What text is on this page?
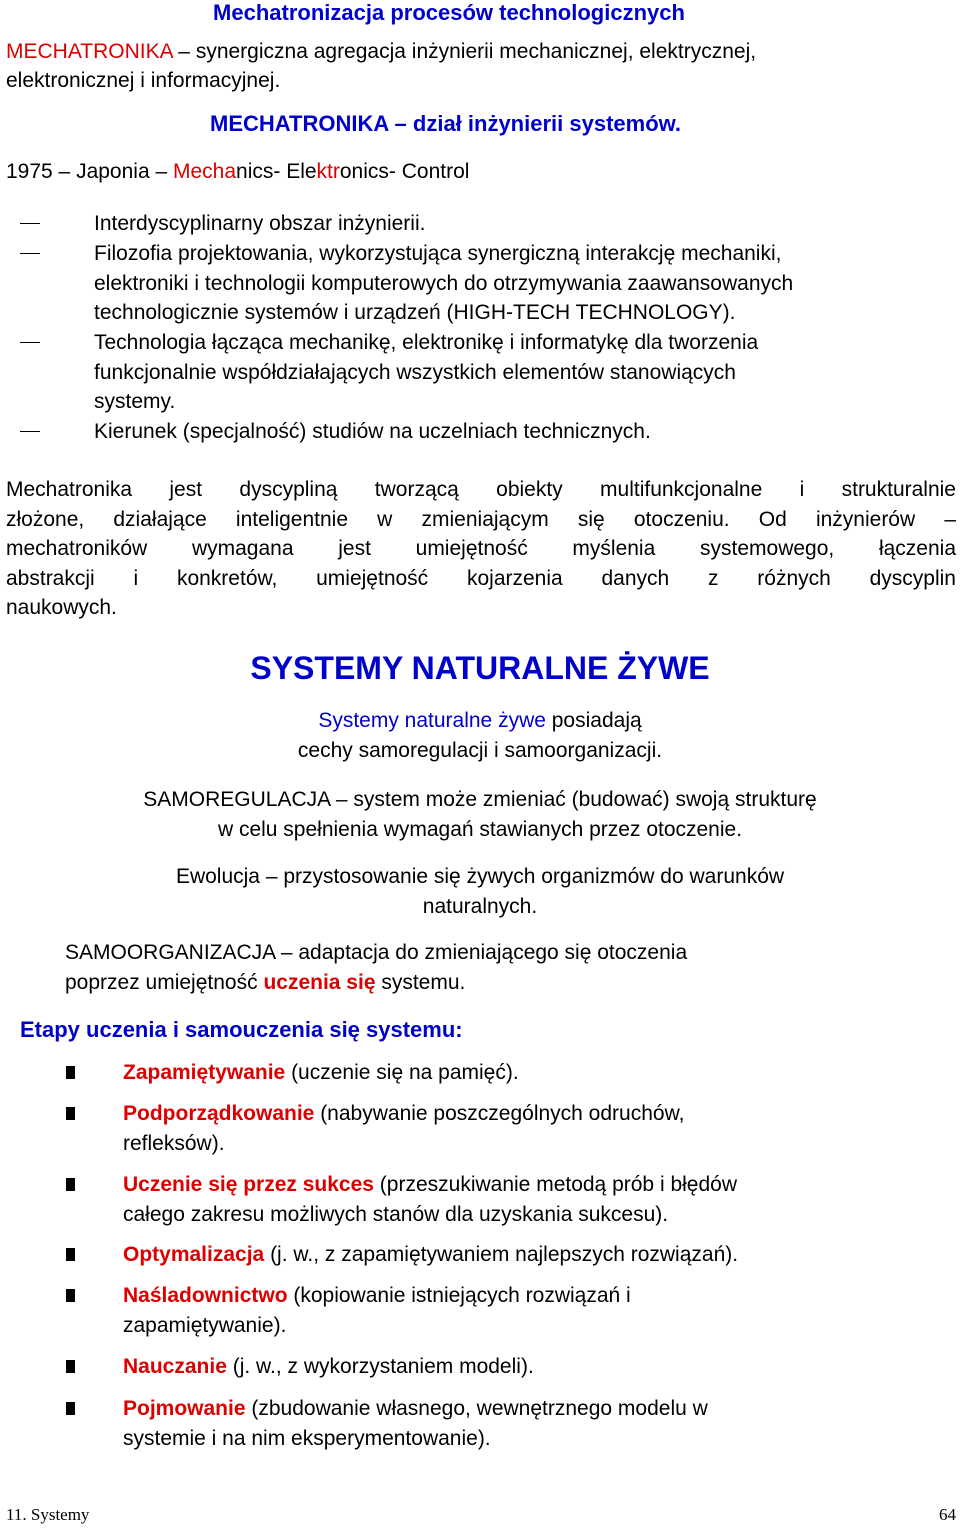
Mechatronizacja procesów technologicznych
MECHATRONIKA – synergiczna agregacja inżynierii mechanicznej, elektrycznej,
elektronicznej i informacyjnej.
MECHATRONIKA – dział inżynierii systemów.
1975 – Japonia – Mechanics- Elektronics- Control
Interdyscyplinarny obszar inżynierii.
Filozofia projektowania, wykorzystująca synergiczną interakcję mechaniki,
elektroniki i technologii komputerowych do otrzymywania zaawansowanych
technologicznie systemów i urządzeń (HIGH-TECH TECHNOLOGY).
Technologia łącząca mechanikę, elektronikę i informatykę dla tworzenia
funkcjonalnie współdziałających wszystkich elementów stanowiących
systemy.
Kierunek (specjalność) studiów na uczelniach technicznych.
Mechatronika jest dyscypliną tworzącą obiekty multifunkcjonalne i strukturalnie
złożone, działające inteligentnie w zmieniającym się otoczeniu. Od inżynierów –
mechatroników wymagana jest umiejętność myślenia systemowego, łączenia
abstrakcji i konkretów, umiejętność kojarzenia danych z różnych dyscyplin
naukowych.
SYSTEMY NATURALNE ŻYWE
Systemy naturalne żywe posiadają
cechy samoregulacji i samoorganizacji.
SAMOREGULACJA – system może zmieniać (budować) swoją strukturę
w celu spełnienia wymagań stawianych przez otoczenie.
Ewolucja – przystosowanie się żywych organizmów do warunków
naturalnych.
SAMOORGANIZACJA – adaptacja do zmieniającego się otoczenia
poprzez umiejętność uczenia się systemu.
Etapy uczenia i samouczenia się systemu:
Zapamiętywanie (uczenie się na pamięć).
Podporządkowanie (nabywanie poszczególnych odruchów,
refleksów).
Uczenie się przez sukces (przeszukiwanie metodą prób i błędów
całego zakresu możliwych stanów dla uzyskania sukcesu).
Optymalizacja (j. w., z zapamiętywaniem najlepszych rozwiązań).
Naśladownictwo (kopiowanie istniejących rozwiązań i
zapamiętywanie).
Nauczanie (j. w., z wykorzystaniem modeli).
Pojmowanie (zbudowanie własnego, wewnętrznego modelu w
systemie i na nim eksperymentowanie).
11. Systemy	64
